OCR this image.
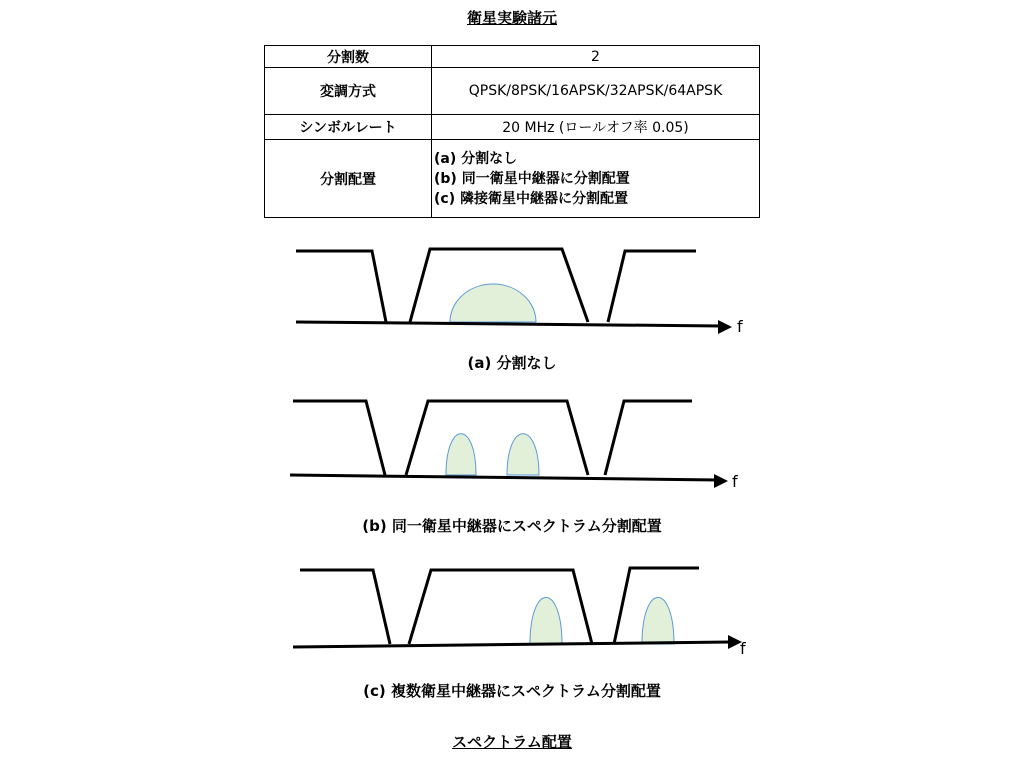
衛星実験諸元
分割数	2
変調方式	QPSK/8PSK/16APSK/32APSK/64APSK
シンボルレート	20 MHz (ロールオフ率 0.05)
分割配置	(a) 分割なし
(b) 同一衛星中継器に分割配置
(c) 隣接衛星中継器に分割配置
f
(a) 分割なし
f
(b) 同一衛星中継器にスペクトラム分割配置
f
(c) 複数衛星中継器にスペクトラム分割配置
スペクトラム配置
